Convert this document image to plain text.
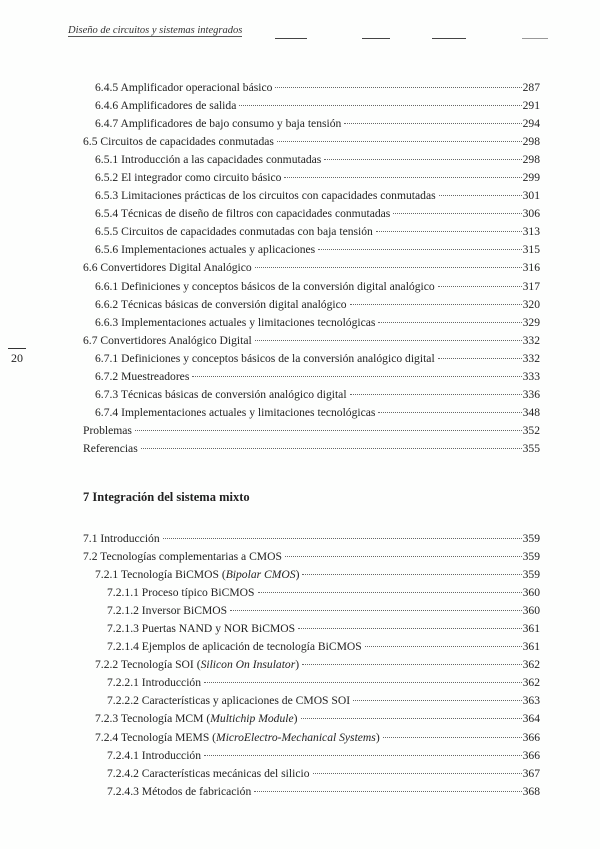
Diseño de circuitos y sistemas integrados
20
6.4.5 Amplificador operacional básico	287
6.4.6 Amplificadores de salida	291
6.4.7 Amplificadores de bajo consumo y baja tensión	294
6.5 Circuitos de capacidades conmutadas	298
6.5.1 Introducción a las capacidades conmutadas	298
6.5.2 El integrador como circuito básico	299
6.5.3 Limitaciones prácticas de los circuitos con capacidades conmutadas	301
6.5.4 Técnicas de diseño de filtros con capacidades conmutadas	306
6.5.5 Circuitos de capacidades conmutadas con baja tensión	313
6.5.6 Implementaciones actuales y aplicaciones	315
6.6 Convertidores Digital Analógico	316
6.6.1 Definiciones y conceptos básicos de la conversión digital analógico	317
6.6.2 Técnicas básicas de conversión digital analógico	320
6.6.3 Implementaciones actuales y limitaciones tecnológicas	329
6.7 Convertidores Analógico Digital	332
6.7.1 Definiciones y conceptos básicos de la conversión analógico digital	332
6.7.2 Muestreadores	333
6.7.3 Técnicas básicas de conversión analógico digital	336
6.7.4 Implementaciones actuales y limitaciones tecnológicas	348
Problemas	352
Referencias	355
7 Integración del sistema mixto
7.1 Introducción	359
7.2 Tecnologías complementarias a CMOS	359
7.2.1 Tecnología BiCMOS (Bipolar CMOS)	359
7.2.1.1 Proceso típico BiCMOS	360
7.2.1.2 Inversor BiCMOS	360
7.2.1.3 Puertas NAND y NOR BiCMOS	361
7.2.1.4 Ejemplos de aplicación de tecnología BiCMOS	361
7.2.2 Tecnología SOI (Silicon On Insulator)	362
7.2.2.1 Introducción	362
7.2.2.2 Características y aplicaciones de CMOS SOI	363
7.2.3 Tecnología MCM (Multichip Module)	364
7.2.4 Tecnología MEMS (MicroElectro-Mechanical Systems)	366
7.2.4.1 Introducción	366
7.2.4.2 Características mecánicas del silicio	367
7.2.4.3 Métodos de fabricación	368
